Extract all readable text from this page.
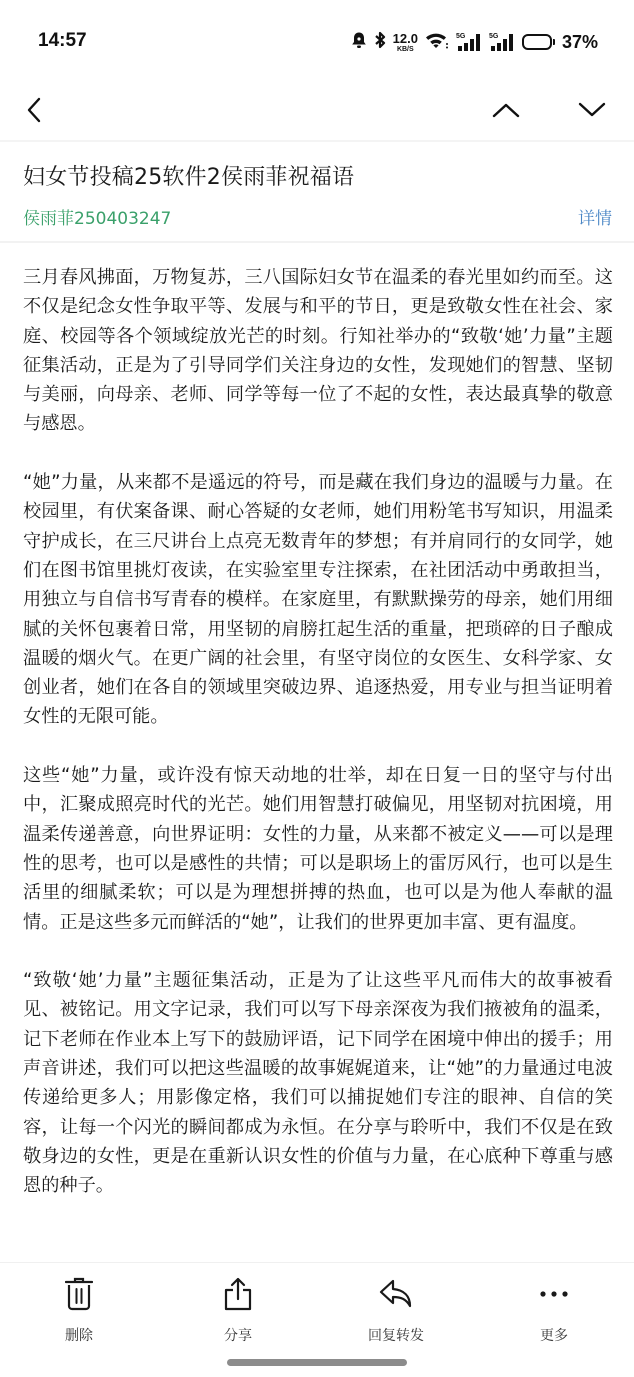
14:57	12.0
KB/S
5G	5G	37%
妇女节投稿25软件2侯雨菲祝福语
侯雨菲250403247	详情

三月春风拂面，万物复苏，三八国际妇女节在温柔的春光里如约而至。这不仅是纪念女性争取平等、发展与和平的节日，更是致敬女性在社会、家庭、校园等各个领域绽放光芒的时刻。行知社举办的“致敬‘她’力量”主题征集活动，正是为了引导同学们关注身边的女性，发现她们的智慧、坚韧与美丽，向母亲、老师、同学等每一位了不起的女性，表达最真挚的敬意与感恩。

“她”力量，从来都不是遥远的符号，而是藏在我们身边的温暖与力量。在校园里，有伏案备课、耐心答疑的女老师，她们用粉笔书写知识，用温柔守护成长，在三尺讲台上点亮无数青年的梦想；有并肩同行的女同学，她们在图书馆里挑灯夜读，在实验室里专注探索，在社团活动中勇敢担当，用独立与自信书写青春的模样。在家庭里，有默默操劳的母亲，她们用细腻的关怀包裹着日常，用坚韧的肩膀扛起生活的重量，把琐碎的日子酿成温暖的烟火气。在更广阔的社会里，有坚守岗位的女医生、女科学家、女创业者，她们在各自的领域里突破边界、追逐热爱，用专业与担当证明着女性的无限可能。

这些“她”力量，或许没有惊天动地的壮举，却在日复一日的坚守与付出中，汇聚成照亮时代的光芒。她们用智慧打破偏见，用坚韧对抗困境，用温柔传递善意，向世界证明：女性的力量，从来都不被定义——可以是理性的思考，也可以是感性的共情；可以是职场上的雷厉风行，也可以是生活里的细腻柔软；可以是为理想拼搏的热血，也可以是为他人奉献的温情。正是这些多元而鲜活的“她”，让我们的世界更加丰富、更有温度。

“致敬‘她’力量”主题征集活动，正是为了让这些平凡而伟大的故事被看见、被铭记。用文字记录，我们可以写下母亲深夜为我们掖被角的温柔，记下老师在作业本上写下的鼓励评语，记下同学在困境中伸出的援手；用声音讲述，我们可以把这些温暖的故事娓娓道来，让“她”的力量通过电波传递给更多人；用影像定格，我们可以捕捉她们专注的眼神、自信的笑容，让每一个闪光的瞬间都成为永恒。在分享与聆听中，我们不仅是在致敬身边的女性，更是在重新认识女性的价值与力量，在心底种下尊重与感恩的种子。

删除	分享	回复转发	更多
